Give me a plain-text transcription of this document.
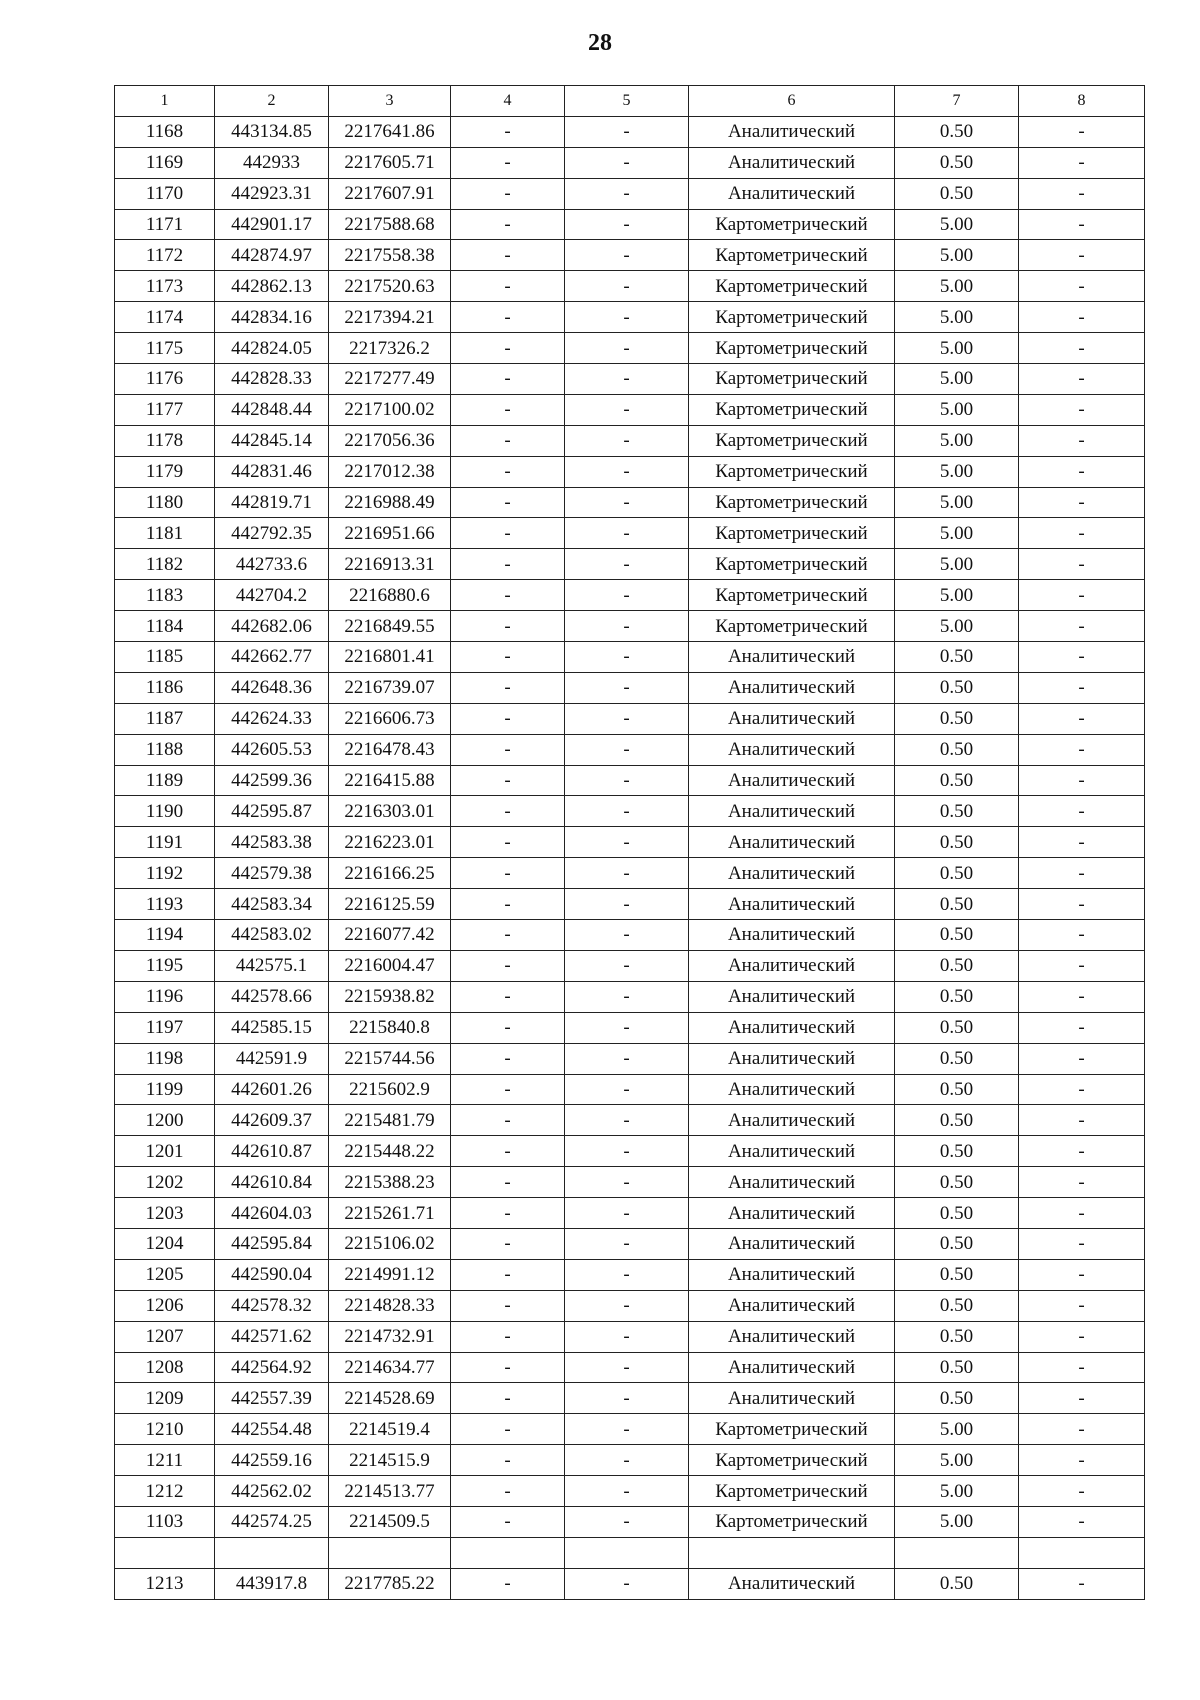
28
1	2	3	4	5	6	7	8
1168	443134.85	2217641.86	-	-	Аналитический	0.50	-
1169	442933	2217605.71	-	-	Аналитический	0.50	-
1170	442923.31	2217607.91	-	-	Аналитический	0.50	-
1171	442901.17	2217588.68	-	-	Картометрический	5.00	-
1172	442874.97	2217558.38	-	-	Картометрический	5.00	-
1173	442862.13	2217520.63	-	-	Картометрический	5.00	-
1174	442834.16	2217394.21	-	-	Картометрический	5.00	-
1175	442824.05	2217326.2	-	-	Картометрический	5.00	-
1176	442828.33	2217277.49	-	-	Картометрический	5.00	-
1177	442848.44	2217100.02	-	-	Картометрический	5.00	-
1178	442845.14	2217056.36	-	-	Картометрический	5.00	-
1179	442831.46	2217012.38	-	-	Картометрический	5.00	-
1180	442819.71	2216988.49	-	-	Картометрический	5.00	-
1181	442792.35	2216951.66	-	-	Картометрический	5.00	-
1182	442733.6	2216913.31	-	-	Картометрический	5.00	-
1183	442704.2	2216880.6	-	-	Картометрический	5.00	-
1184	442682.06	2216849.55	-	-	Картометрический	5.00	-
1185	442662.77	2216801.41	-	-	Аналитический	0.50	-
1186	442648.36	2216739.07	-	-	Аналитический	0.50	-
1187	442624.33	2216606.73	-	-	Аналитический	0.50	-
1188	442605.53	2216478.43	-	-	Аналитический	0.50	-
1189	442599.36	2216415.88	-	-	Аналитический	0.50	-
1190	442595.87	2216303.01	-	-	Аналитический	0.50	-
1191	442583.38	2216223.01	-	-	Аналитический	0.50	-
1192	442579.38	2216166.25	-	-	Аналитический	0.50	-
1193	442583.34	2216125.59	-	-	Аналитический	0.50	-
1194	442583.02	2216077.42	-	-	Аналитический	0.50	-
1195	442575.1	2216004.47	-	-	Аналитический	0.50	-
1196	442578.66	2215938.82	-	-	Аналитический	0.50	-
1197	442585.15	2215840.8	-	-	Аналитический	0.50	-
1198	442591.9	2215744.56	-	-	Аналитический	0.50	-
1199	442601.26	2215602.9	-	-	Аналитический	0.50	-
1200	442609.37	2215481.79	-	-	Аналитический	0.50	-
1201	442610.87	2215448.22	-	-	Аналитический	0.50	-
1202	442610.84	2215388.23	-	-	Аналитический	0.50	-
1203	442604.03	2215261.71	-	-	Аналитический	0.50	-
1204	442595.84	2215106.02	-	-	Аналитический	0.50	-
1205	442590.04	2214991.12	-	-	Аналитический	0.50	-
1206	442578.32	2214828.33	-	-	Аналитический	0.50	-
1207	442571.62	2214732.91	-	-	Аналитический	0.50	-
1208	442564.92	2214634.77	-	-	Аналитический	0.50	-
1209	442557.39	2214528.69	-	-	Аналитический	0.50	-
1210	442554.48	2214519.4	-	-	Картометрический	5.00	-
1211	442559.16	2214515.9	-	-	Картометрический	5.00	-
1212	442562.02	2214513.77	-	-	Картометрический	5.00	-
1103	442574.25	2214509.5	-	-	Картометрический	5.00	-

1213	443917.8	2217785.22	-	-	Аналитический	0.50	-
